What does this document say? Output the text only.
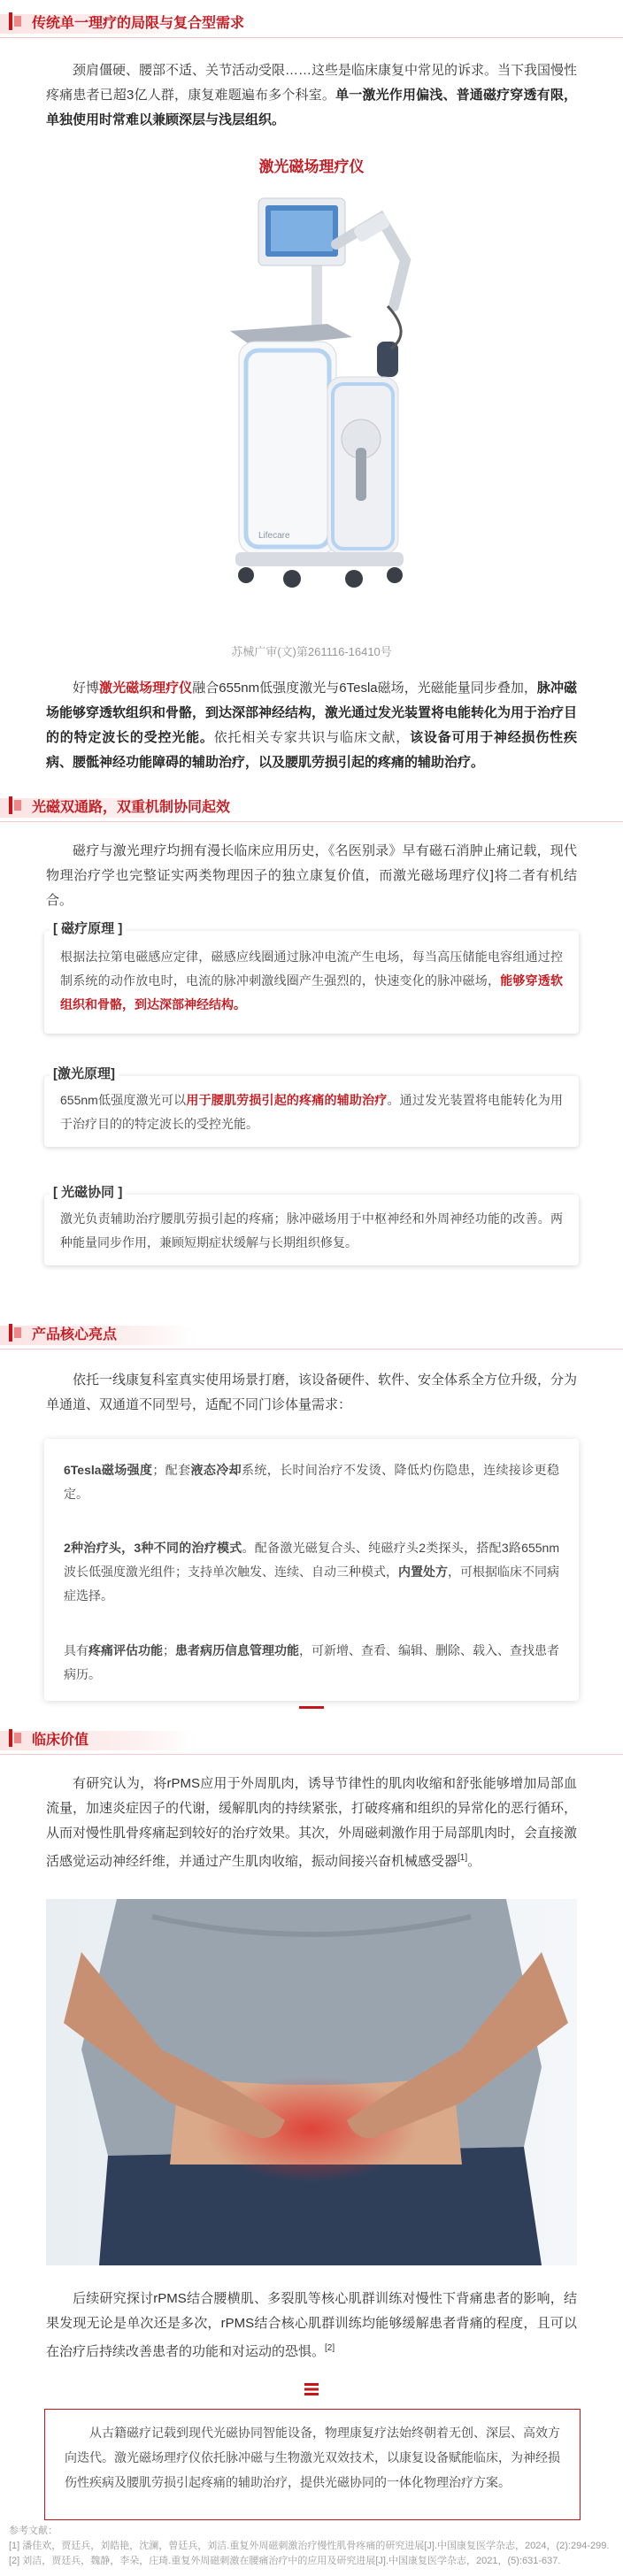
传统单一理疗的局限与复合型需求
颈肩僵硬、腰部不适、关节活动受限……这些是临床康复中常见的诉求。当下我国慢性疼痛患者已超3亿人群，康复难题遍布多个科室。单一激光作用偏浅、普通磁疗穿透有限，单独使用时常难以兼顾深层与浅层组织。
激光磁场理疗仪
Lifecare
苏械广审(文)第261116-16410号
好博激光磁场理疗仪融合655nm低强度激光与6Tesla磁场，光磁能量同步叠加，脉冲磁场能够穿透软组织和骨骼，到达深部神经结构，激光通过发光装置将电能转化为用于治疗目的的特定波长的受控光能。依托相关专家共识与临床文献，该设备可用于神经损伤性疾病、腰骶神经功能障碍的辅助治疗，以及腰肌劳损引起的疼痛的辅助治疗。
光磁双通路，双重机制协同起效
磁疗与激光理疗均拥有漫长临床应用历史，《名医别录》早有磁石消肿止痛记载，现代物理治疗学也完整证实两类物理因子的独立康复价值，而激光磁场理疗仪]将二者有机结合。
[ 磁疗原理 ]
根据法拉第电磁感应定律，磁感应线圈通过脉冲电流产生电场，每当高压储能电容组通过控制系统的动作放电时，电流的脉冲刺激线圈产生强烈的，快速变化的脉冲磁场，能够穿透软组织和骨骼，到达深部神经结构。
[激光原理]
655nm低强度激光可以用于腰肌劳损引起的疼痛的辅助治疗。通过发光装置将电能转化为用于治疗目的的特定波长的受控光能。
[ 光磁协同 ]
激光负责辅助治疗腰肌劳损引起的疼痛；脉冲磁场用于中枢神经和外周神经功能的改善。两种能量同步作用，兼顾短期症状缓解与长期组织修复。
产品核心亮点
依托一线康复科室真实使用场景打磨，该设备硬件、软件、安全体系全方位升级，分为单通道、双通道不同型号，适配不同门诊体量需求：
6Tesla磁场强度；配套液态冷却系统，长时间治疗不发烫、降低灼伤隐患，连续接诊更稳定。
2种治疗头，3种不同的治疗模式。配备激光磁复合头、纯磁疗头2类探头，搭配3路655nm波长低强度激光组件；支持单次触发、连续、自动三种模式，内置处方，可根据临床不同病症选择。
具有疼痛评估功能；患者病历信息管理功能，可新增、查看、编辑、删除、载入、查找患者病历。
临床价值
有研究认为，将rPMS应用于外周肌肉，诱导节律性的肌肉收缩和舒张能够增加局部血流量，加速炎症因子的代谢，缓解肌肉的持续紧张，打破疼痛和组织的异常化的恶行循环，从而对慢性肌骨疼痛起到较好的治疗效果。其次，外周磁刺激作用于局部肌肉时，会直接激活感觉运动神经纤维，并通过产生肌肉收缩，振动间接兴奋机械感受器[1]。
后续研究探讨rPMS结合腰横肌、多裂肌等核心肌群训练对慢性下背痛患者的影响，结果发现无论是单次还是多次，rPMS结合核心肌群训练均能够缓解患者背痛的程度，且可以在治疗后持续改善患者的功能和对运动的恐惧。[2]
从古籍磁疗记载到现代光磁协同智能设备，物理康复疗法始终朝着无创、深层、高效方向迭代。激光磁场理疗仪依托脉冲磁与生物激光双效技术，以康复设备赋能临床，为神经损伤性疾病及腰肌劳损引起疼痛的辅助治疗，提供光磁协同的一体化物理治疗方案。
参考文献：
[1] 潘佳欢，贾廷兵，刘皓艳，沈澜，曾廷兵，刘洁.重复外周磁刺激治疗慢性肌骨疼痛的研究进展[J].中国康复医学杂志，2024，(2):294-299.
[2] 刘洁，贾廷兵，魏静，李朵，庄琦.重复外周磁刺激在腰痛治疗中的应用及研究进展[J].中国康复医学杂志，2021，(5):631-637.
